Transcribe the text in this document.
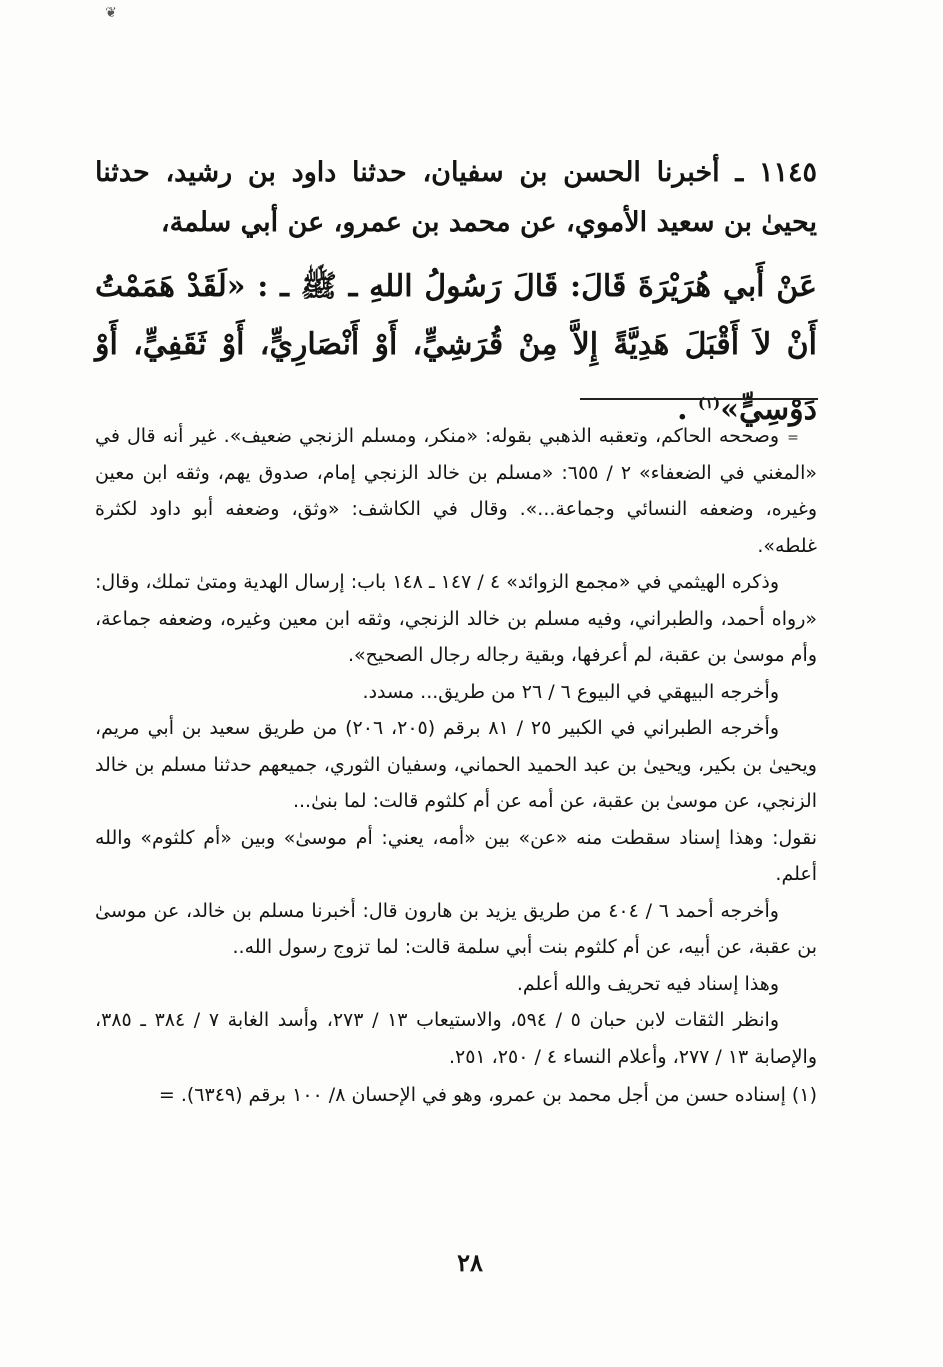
❦

١١٤٥ ـ أخبرنا الحسن بن سفيان، حدثنا داود بن رشيد، حدثنا يحيىٰ بن سعيد الأموي، عن محمد بن عمرو، عن أبي سلمة،

عَنْ أَبي هُرَيْرَةَ قَالَ: قَالَ رَسُولُ اللهِ ـ ﷺ ـ : «لَقَدْ هَمَمْتُ أَنْ لاَ أَقْبَلَ هَدِيَّةً إِلاَّ مِنْ قُرَشِيٍّ، أَوْ أَنْصَارِيٍّ، أَوْ ثَقَفِيٍّ، أَوْ دَوْسِيٍّ»$^{(١)}$ .

=

وصححه الحاكم، وتعقبه الذهبي بقوله: «منكر، ومسلم الزنجي ضعيف». غير أنه قال في «المغني في الضعفاء» ٢ / ٦٥٥: «مسلم بن خالد الزنجي إمام، صدوق يهم، وثقه ابن معين وغيره، وضعفه النسائي وجماعة...». وقال في الكاشف: «وثق، وضعفه أبو داود لكثرة غلطه».

وذكره الهيثمي في «مجمع الزوائد» ٤ / ١٤٧ ـ ١٤٨ باب: إرسال الهدية ومتىٰ تملك، وقال: «رواه أحمد، والطبراني، وفيه مسلم بن خالد الزنجي، وثقه ابن معين وغيره، وضعفه جماعة، وأم موسىٰ بن عقبة، لم أعرفها، وبقية رجاله رجال الصحيح».

وأخرجه البيهقي في البيوع ٦ / ٢٦ من طريق... مسدد.

وأخرجه الطبراني في الكبير ٢٥ / ٨١ برقم (٢٠٥، ٢٠٦) من طريق سعيد بن أبي مريم، ويحيىٰ بن بكير، ويحيىٰ بن عبد الحميد الحماني، وسفيان الثوري، جميعهم حدثنا مسلم بن خالد الزنجي، عن موسىٰ بن عقبة، عن أمه عن أم كلثوم قالت: لما بنىٰ...

نقول: وهذا إسناد سقطت منه «عن» بين «أمه، يعني: أم موسىٰ» وبين «أم كلثوم» والله أعلم.

وأخرجه أحمد ٦ / ٤٠٤ من طريق يزيد بن هارون قال: أخبرنا مسلم بن خالد، عن موسىٰ بن عقبة، عن أبيه، عن أم كلثوم بنت أبي سلمة قالت: لما تزوج رسول الله..

وهذا إسناد فيه تحريف والله أعلم.

وانظر الثقات لابن حبان ٥ / ٥٩٤، والاستيعاب ١٣ / ٢٧٣، وأسد الغابة ٧ / ٣٨٤ ـ ٣٨٥، والإصابة ١٣ / ٢٧٧، وأعلام النساء ٤ / ٢٥٠، ٢٥١.

(١) إسناده حسن من أجل محمد بن عمرو، وهو في الإحسان ٨/ ١٠٠ برقم (٦٣٤٩). =

٢٨
